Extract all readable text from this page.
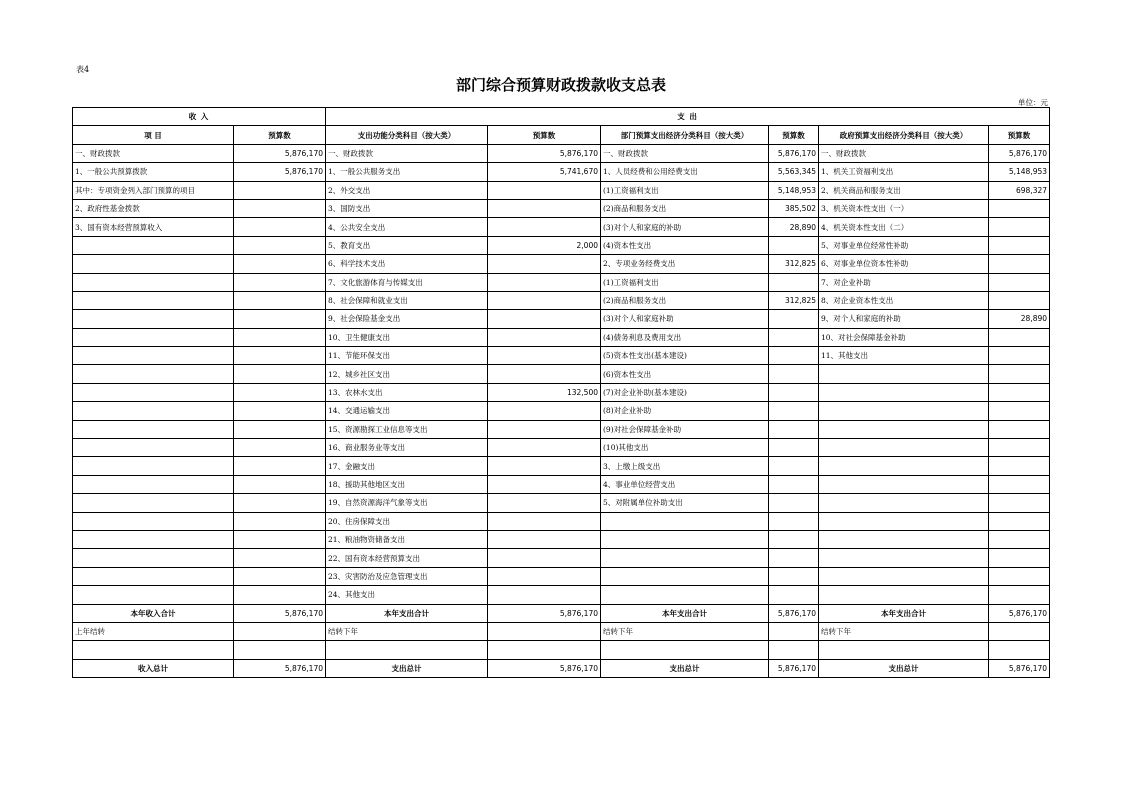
表4
部门综合预算财政拨款收支总表
单位：元
收 入		支 出					
项 目	预算数	支出功能分类科目（按大类）	预算数	部门预算支出经济分类科目（按大类）	预算数	政府预算支出经济分类科目（按大类）	预算数
一、财政拨款	5,876,170	一、财政拨款	5,876,170	一、财政拨款	5,876,170	一、财政拨款	5,876,170
1、一般公共预算拨款	5,876,170	1、一般公共服务支出	5,741,670	1、人员经费和公用经费支出	5,563,345	1、机关工资福利支出	5,148,953
其中：专项资金列入部门预算的项目		2、外交支出		(1)工资福利支出	5,148,953	2、机关商品和服务支出	698,327
2、政府性基金拨款		3、国防支出		(2)商品和服务支出	385,502	3、机关资本性支出（一）	
3、国有资本经营预算收入		4、公共安全支出		(3)对个人和家庭的补助	28,890	4、机关资本性支出（二）	
		5、教育支出	2,000	(4)资本性支出		5、对事业单位经常性补助	
		6、科学技术支出		2、专项业务经费支出	312,825	6、对事业单位资本性补助	
		7、文化旅游体育与传媒支出		(1)工资福利支出		7、对企业补助	
		8、社会保障和就业支出		(2)商品和服务支出	312,825	8、对企业资本性支出	
		9、社会保险基金支出		(3)对个人和家庭补助		9、对个人和家庭的补助	28,890
		10、卫生健康支出		(4)债务利息及费用支出		10、对社会保障基金补助	
		11、节能环保支出		(5)资本性支出(基本建设)		11、其他支出	
		12、城乡社区支出		(6)资本性支出			
		13、农林水支出	132,500	(7)对企业补助(基本建设)			
		14、交通运输支出		(8)对企业补助			
		15、资源勘探工业信息等支出		(9)对社会保障基金补助			
		16、商业服务业等支出		(10)其他支出			
		17、金融支出		3、上缴上级支出			
		18、援助其他地区支出		4、事业单位经营支出			
		19、自然资源海洋气象等支出		5、对附属单位补助支出			
		20、住房保障支出					
		21、粮油物资储备支出					
		22、国有资本经营预算支出					
		23、灾害防治及应急管理支出					
		24、其他支出					
本年收入合计	5,876,170	本年支出合计	5,876,170	本年支出合计	5,876,170	本年支出合计	5,876,170
上年结转		结转下年		结转下年		结转下年	

收入总计	5,876,170	支出总计	5,876,170	支出总计	5,876,170	支出总计	5,876,170
